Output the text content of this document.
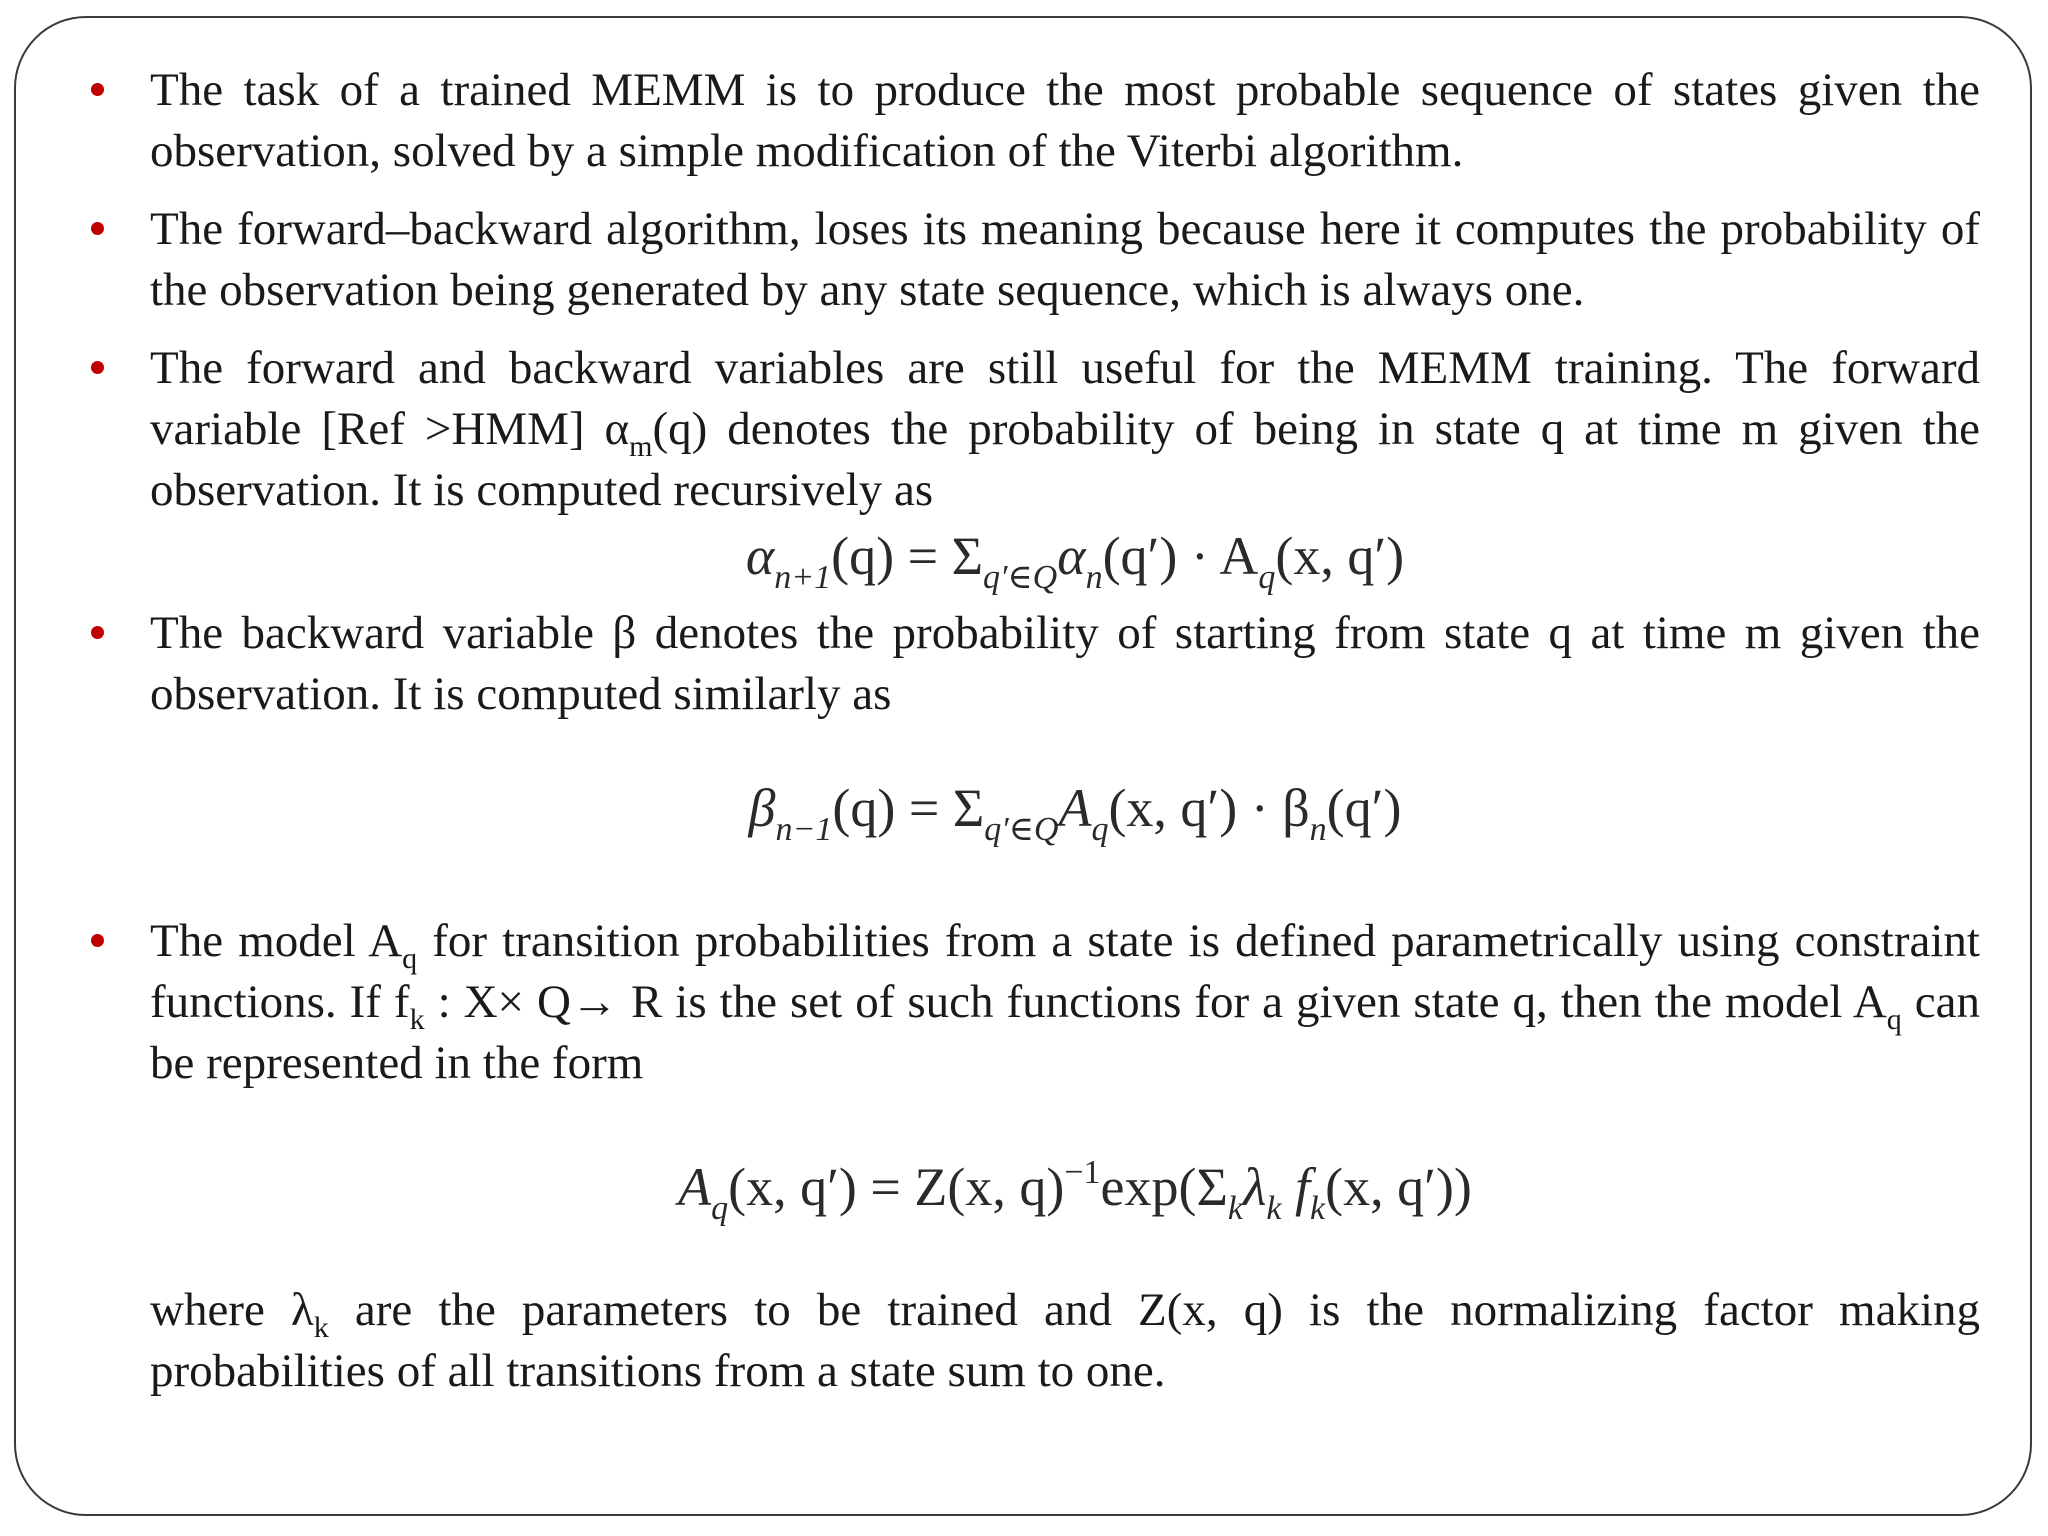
The task of a trained MEMM is to produce the most probable sequence of states given the observation, solved by a simple modification of the Viterbi algorithm.

The forward–backward algorithm, loses its meaning because here it computes the probability of the observation being generated by any state sequence, which is always one.

The forward and backward variables are still useful for the MEMM training. The forward variable [Ref >HMM] $\alpha_m(q)$ denotes the probability of being in state q at time m given the observation. It is computed recursively as

$\alpha_{n+1}(q) = \Sigma_{q'\in Q}\alpha_n(q') \cdot A_q(x$, q′)

The backward variable β denotes the probability of starting from state q at time m given the observation. It is computed similarly as

$\beta_{n-1}(q) = \Sigma_{q'\in Q}A_q(x$, $q') \cdot \beta_n(q')$

The model $A_q$ for transition probabilities from a state is defined parametrically using constraint functions. If $f_k$ : X× Q→ R is the set of such functions for a given state q, then the model $A_q$ can be represented in the form

$A_q(x$, q′) = Z(x, $q)^{-1}\exp(\Sigma_k\lambda_k$ $f_k(x$, q′))

where $\lambda_k$ are the parameters to be trained and Z(x, q) is the normalizing factor making probabilities of all transitions from a state sum to one.
